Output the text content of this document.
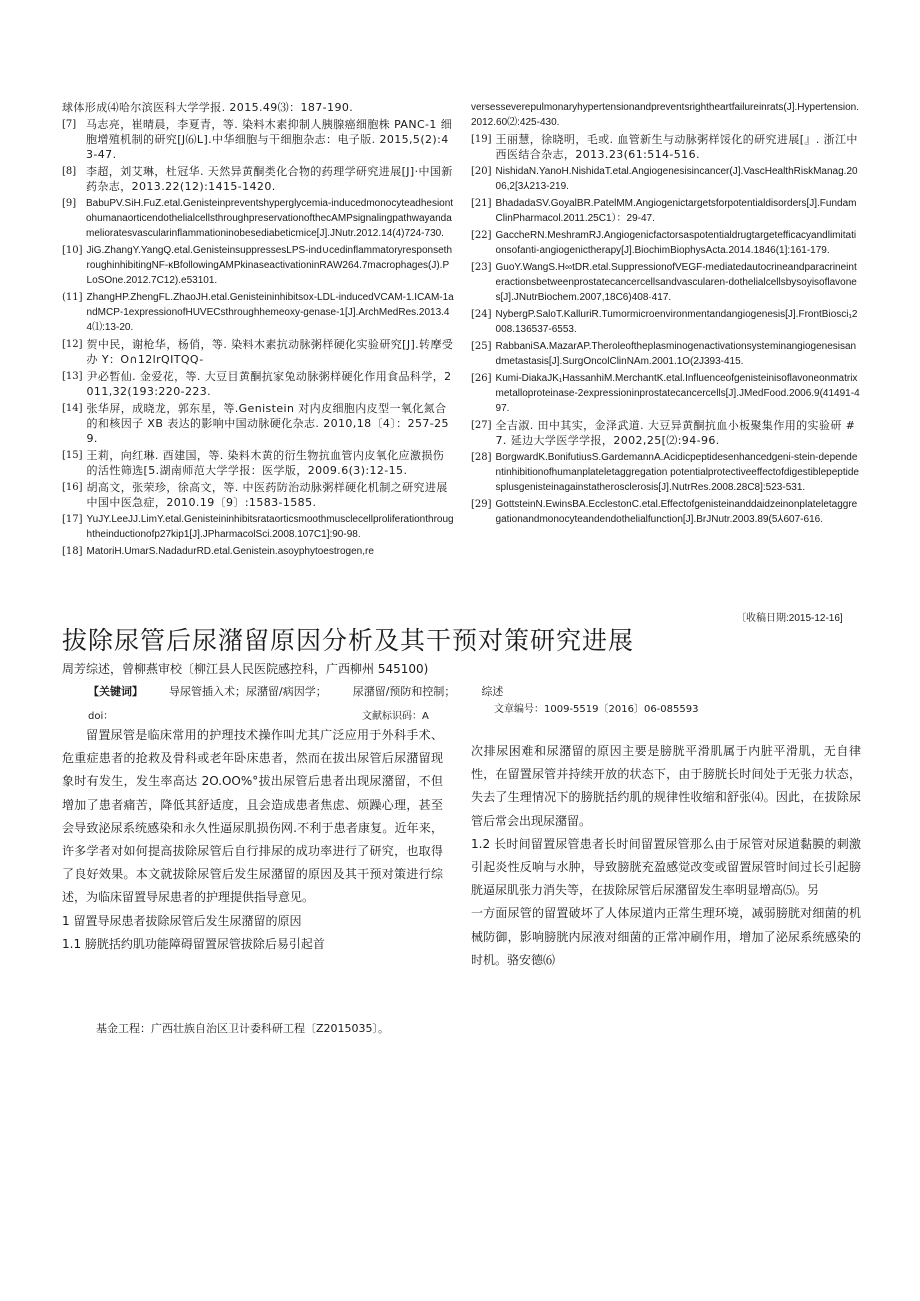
球体形成⑷哈尔滨医科大学学报. 2015.49⑶：187-190.
[7] 马志亮，崔晴晨，李夏青，等. 染料木素抑制人胰腺癌细胞株 PANC-1 细胞增殖机制的研究[J⑹L].中华细胞与干细胞杂志：电子版. 2015,5(2):43-47.
[8] 李超，刘艾琳，杜冠华. 天然异黄酮类化合物的药理学研究进展[J]·中国新药杂志，2013.22(12):1415-1420.
[9] BabuPV.SiH.FuZ.etal.Genisteinpreventshyperglycemia-inducedmonocyteadhesiontohumanaorticendothelialcellsthroughpreservationofthecAMPsignalingpathwayandamelioratesvascularinflammationinobesediabeticmice[J].JNutr.2012.14(4)724-730.
[10] JiG.ZhangY.YangQ.etal.GenisteinsuppressesLPS-ind∪cedinflammatoryresponsethroughinhibitingNF-κBfollowingAMPkinaseactivationinRAW264.7macrophages(J).PLoSOne.2012.7C12).e53101.
(11] ZhangHP.ZhengFL.ZhaoJH.etal.Genisteininhibitsox-LDL-inducedVCAM-1.ICAM-1andMCP-1expressionofHUVECsthroughhemeoxy-genase-1[J].ArchMedRes.2013.44⑴:13-20.
[12] 贺中民，谢枪华，杨俏，等. 染料木素抗动脉粥样硬化实验研究[J].转摩受办 Y：O∩12lrQITQQ-
[13] 尹必暂仙. 金爱花，等. 大豆目黄酮抗家兔动脉粥样硬化作用食品科学，2011,32(193:220-223.
[14] 张华屏，成晓龙，郭东星，等.Genistein 对内皮细胞内皮型一氧化氮合的和核因子 XB 表达的影响中国动脉硬化杂志. 2010,18〔4〕：257-259.
[15] 王莉，向红琳. 酉建国，等. 染料木黄的衍生物抗血管内皮氧化应激损伤的活性筛选[5.湖南师范大学学报：医学版，2009.6(3):12-15.
[16] 胡高文，张荣珍，徐高文，等. 中医药防治动脉粥样硬化机制之研究进展中国中医急症，2010.19〔9〕:1583-1585.
[17] YuJY.LeeJJ.LimY.etal.Genisteininhibitsrataorticsmoothmusclecellproliferationthroughtheinductionofp27kip1[J].JPharmacolSci.2008.107C1]:90-98.
[18] MatoriH.UmarS.NadadurRD.etal.Genistein.asoyphytoestrogen,re
versesseverepulmonaryhypertensionandpreventsrightheartfailureinrats(J].Hypertension.2012.60⑵:425-430.
[19] 王丽慧，徐晓明，毛或. 血管新生与动脉粥样馁化的研究进展[』. 浙江中西医结合杂志，2013.23(61:514-516.
[20] NishidaN.YanoH.NishidaT.etal.Angiogenesisincancer(J].VascHealthRiskManag.2006,2[3⅄213-219.
[21] BhadadaSV.GoyalBR.PatelMM.Angiogenictargetsforpotentialdisorders[J].FundamClinPharmacol.2011.25C1）：29-47.
[22] GaccheRN.MeshramRJ.Angiogenicfactorsaspotentialdrugtargetefficacyandlimitationsofanti-angiogenictherapy[J].BiochimBiophysActa.2014.1846(1]:161-179.
[23] GuoY.WangS.H∞tDR.etal.SuppressionofVEGF-mediatedautocrineandparacrineinteractionsbetweenprostatecancercellsandvascularen-dothelialcellsbysoyisoflavones[J].JNutrBiochem.2007,18C6)408·417.
[24] NybergP.SaloT.KalluriR.Tumormicroenvironmentandangiogenesis[J].FrontBiosci₁2008.136537-6553.
[25] RabbaniSA.MazarAP.Theroleoftheplasminogenactivationsysteminangiogenesisandmetastasis[J].SurgOncolClinNAm.2001.1O(2J393-415.
[26] Kumi-DiakaJK₁HassanhiM.MerchantK.etal.Influenceofgenisteinisoflavoneonmatrixmetalloproteinase-2expressioninprostatecancercells[J].JMedFood.2006.9(41491-497.
[27] 全吉淑. 田中其实，金泽武道. 大豆异黄酮抗血小板聚集作用的实验研 #7. 延边大学医学学报，2002,25[⑵:94-96.
[28] BorgwardK.BonifutiusS.GardemannA.Acidicpeptidesenhancedgeni-stein-dependentinhibitionofhumanplateletaggregation potentialprotectiveeffectofdigestiblepeptidesplusgenisteinagainstatherosclerosis[J].NutrRes.2008.28C8]:523-531.
[29] GottsteinN.EwinsBA.EcclestonC.etal.Effectofgenisteinanddaidzeinonplateletaggregationandmonocyteandendothelialfunction[J].BrJNutr.2003.89(5⅄607-616.
〔收稿日期:2015-12-16]
拔除尿管后尿潴留原因分析及其干预对策研究进展
周芳综述，曾柳燕审校〔柳江县人民医院感控科，广西柳州 545100)
【关键词】 导尿管插入术；尿潴留/病因学； 尿潴留/预防和控制； 综述
doi：	文献标识码：A
文章编号：1009-5519〔2016〕06-085593

留置尿管是临床常用的护理技术操作叫尤其广泛应用于外科手术、危重症患者的抢救及骨科或老年卧床患者，然而在拔出尿管后尿潴留现象时有发生，发生率高达 2O.OO%°拔出尿管后患者出现尿潴留，不但增加了患者痛苦，降低其舒适度，且会造成患者焦虑、烦躁心理，甚至会导致泌尿系统感染和永久性逼尿肌损伤网.不利于患者康复。近年来，许多学者对如何提高拔除尿管后自行排尿的成功率进行了研究，也取得了良好效果。本文就拔除尿管后发生尿潴留的原因及其干预对策进行综述，为临床留置导尿患者的护理提供指导意见。

1 留置导尿患者拔除尿管后发生尿潴留的原因

1.1 膀胱括约肌功能障碍留置尿管拔除后易引起首

次排尿困难和尿潴留的原因主要是膀胱平滑肌属于内脏平滑肌，无自律性，在留置尿管并持续开放的状态下，由于膀胱长时间处于无张力状态，失去了生理情况下的膀胱括约肌的规律性收缩和舒张⑷。因此，在拔除尿管后常会出现尿潴留。

1.2 长时间留置尿管患者长时间留置尿管那么由于尿管对尿道黏膜的刺激引起炎性反响与水肿，导致膀胱充盈感觉改变或留置尿管时间过长引起膀胱逼尿肌张力消失等，在拔除尿管后尿潴留发生率明显增高⑸。另

一方面尿管的留置破坏了人体尿道内正常生理环境，减弱膀胱对细菌的机械防御，影响膀胱内尿液对细菌的正常冲刷作用，增加了泌尿系统感染的时机。骆安德⑹

基金工程：广西壮族自治区卫计委科研工程〔Z2015035〕。
